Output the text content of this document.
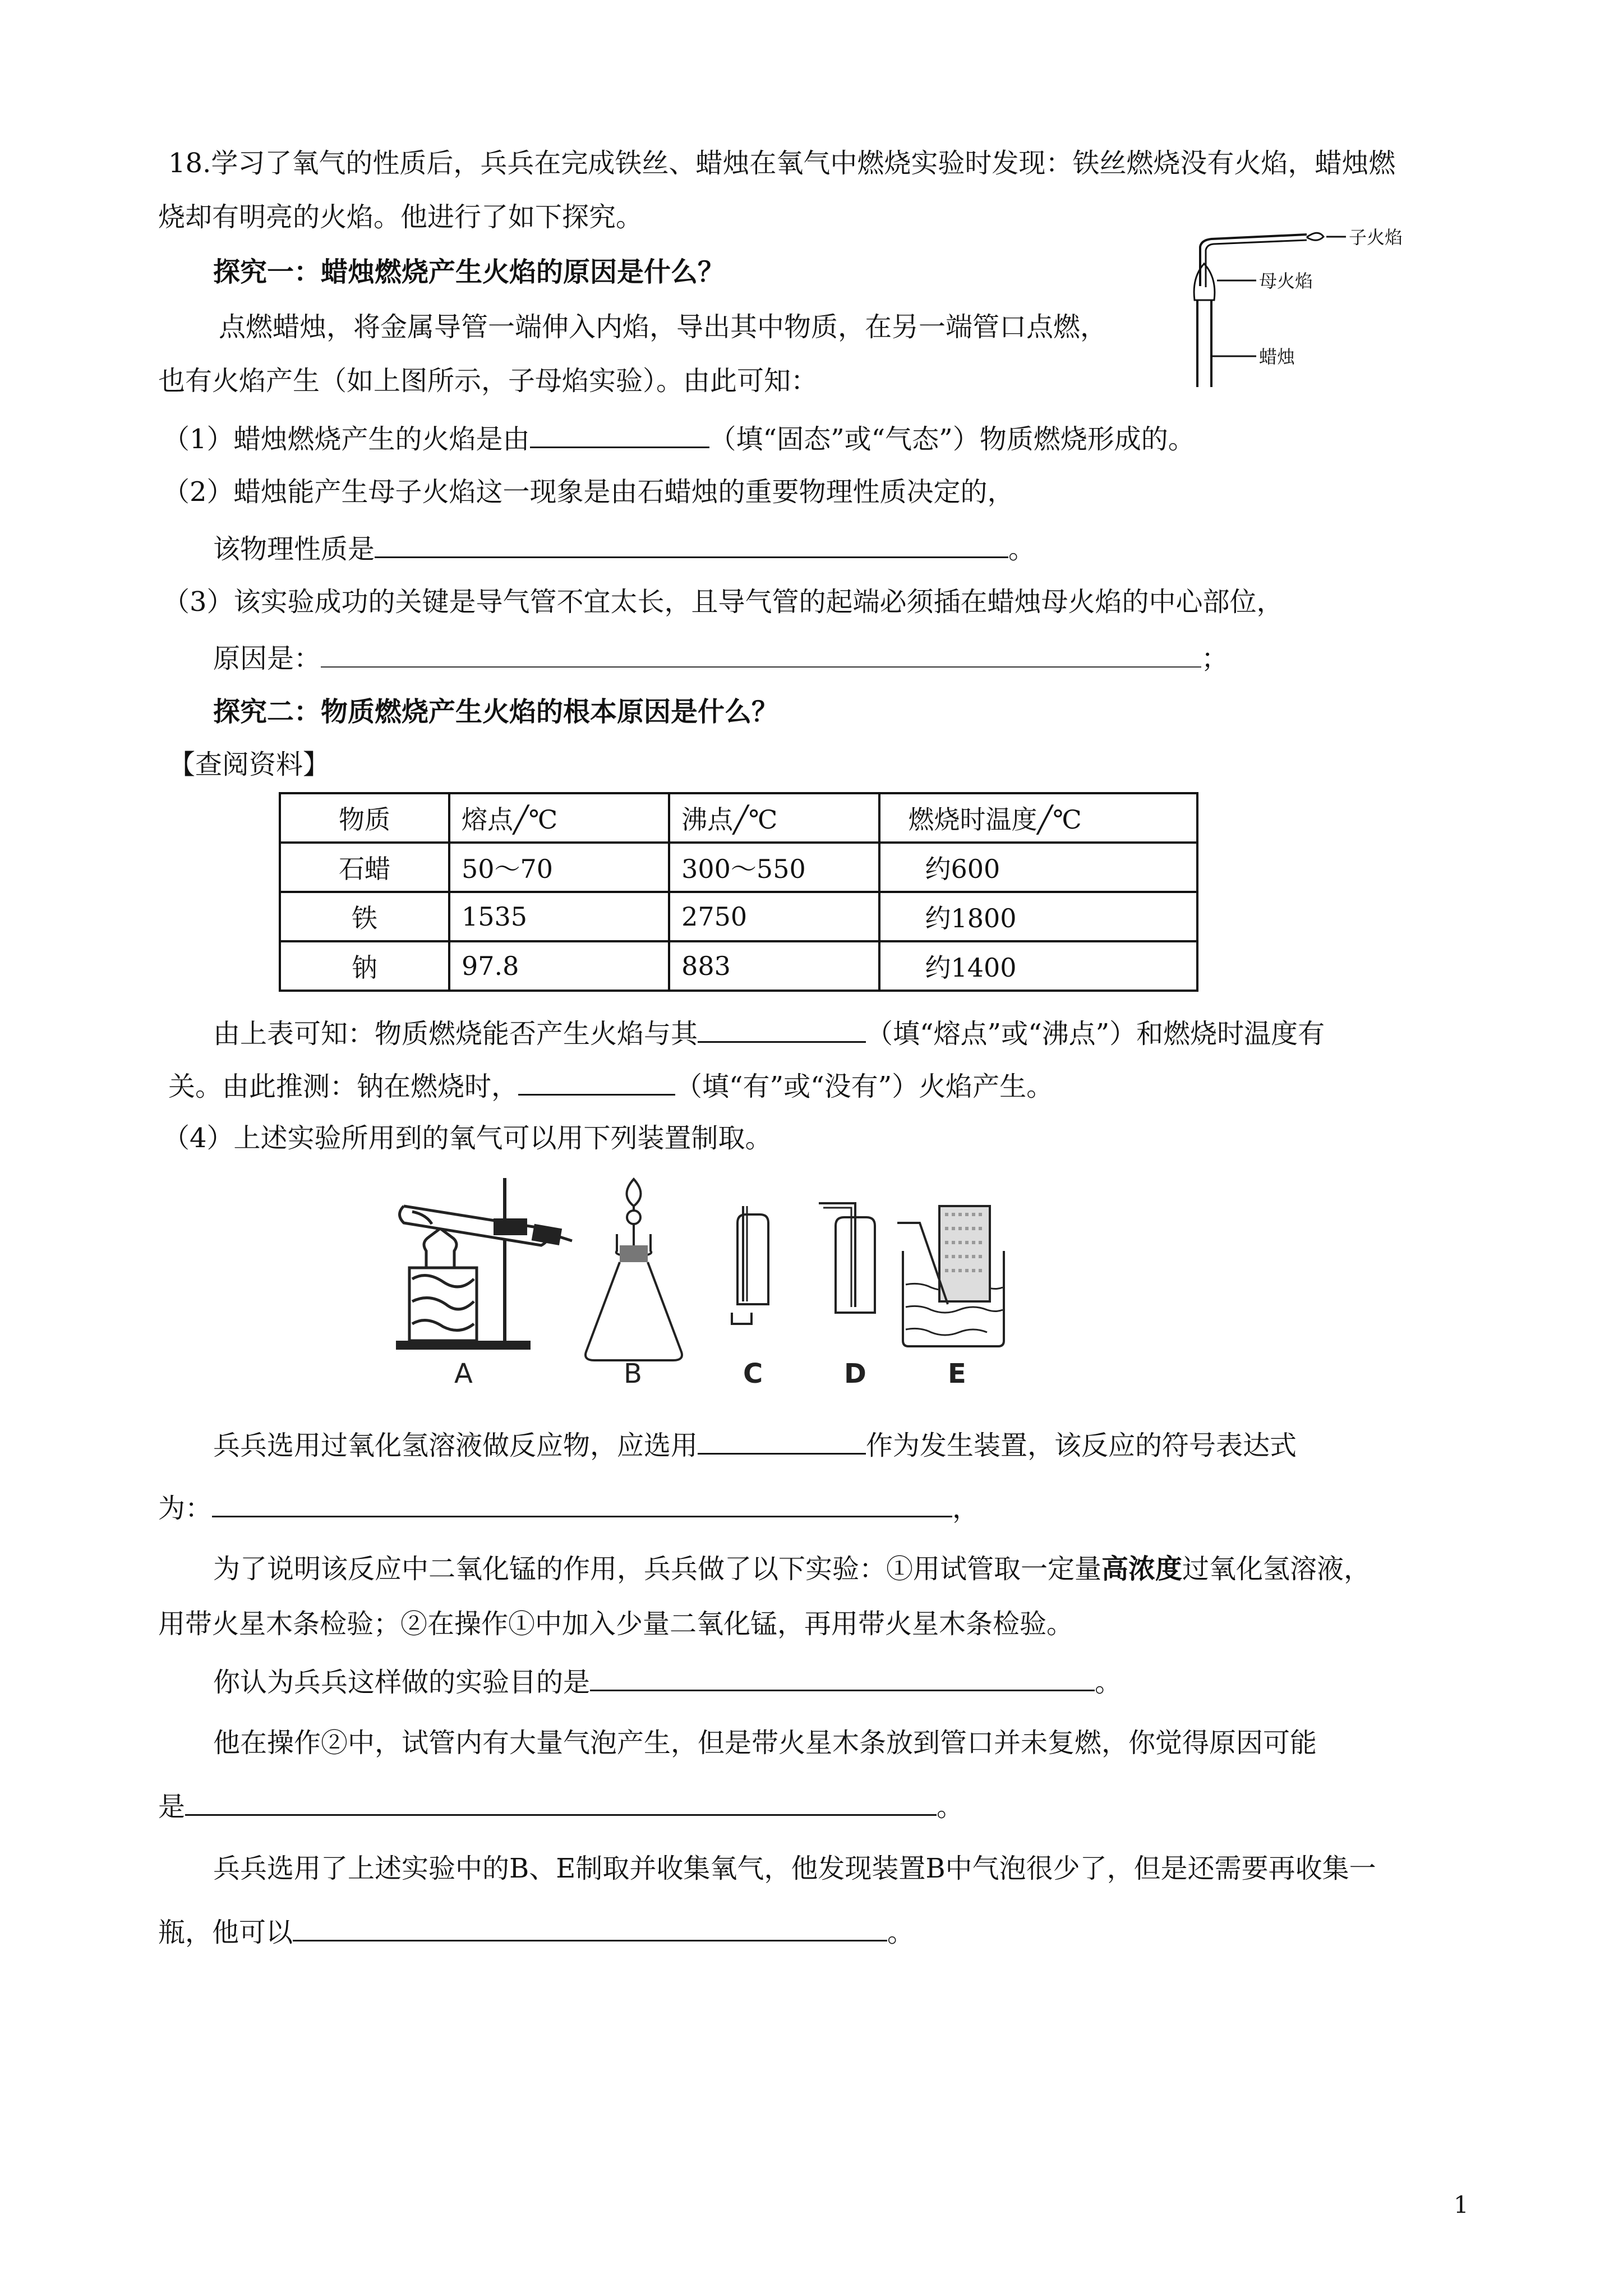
18.学习了氧气的性质后，兵兵在完成铁丝、蜡烛在氧气中燃烧实验时发现：铁丝燃烧没有火焰，蜡烛燃
烧却有明亮的火焰。他进行了如下探究。
子火焰
母火焰
蜡烛
探究一：蜡烛燃烧产生火焰的原因是什么？
点燃蜡烛，将金属导管一端伸入内焰，导出其中物质，在另一端管口点燃，
也有火焰产生（如上图所示，子母焰实验）。由此可知：
（1）蜡烛燃烧产生的火焰是由	（填“固态”或“气态”）物质燃烧形成的。
（2）蜡烛能产生母子火焰这一现象是由石蜡烛的重要物理性质决定的，
该物理性质是	。
（3）该实验成功的关键是导气管不宜太长，且导气管的起端必须插在蜡烛母火焰的中心部位，
原因是：	；
探究二：物质燃烧产生火焰的根本原因是什么？
【查阅资料】
物质	熔点╱℃	沸点╱℃	燃烧时温度╱℃
石蜡	50～70	300～550	约600
铁	1535	2750	约1800
钠	97.8	883	约1400
由上表可知：物质燃烧能否产生火焰与其	（填“熔点”或“沸点”）和燃烧时温度有
关。由此推测：钠在燃烧时，	（填“有”或“没有”）火焰产生。
（4）上述实验所用到的氧气可以用下列装置制取。
A	B	C	D	E
兵兵选用过氧化氢溶液做反应物，应选用	作为发生装置，该反应的符号表达式
为：	，
为了说明该反应中二氧化锰的作用，兵兵做了以下实验：①用试管取一定量高浓度过氧化氢溶液，
用带火星木条检验；②在操作①中加入少量二氧化锰，再用带火星木条检验。
你认为兵兵这样做的实验目的是	。
他在操作②中，试管内有大量气泡产生，但是带火星木条放到管口并未复燃，你觉得原因可能
是	。
兵兵选用了上述实验中的B、E制取并收集氧气，他发现装置B中气泡很少了，但是还需要再收集一
瓶，他可以	。
1
